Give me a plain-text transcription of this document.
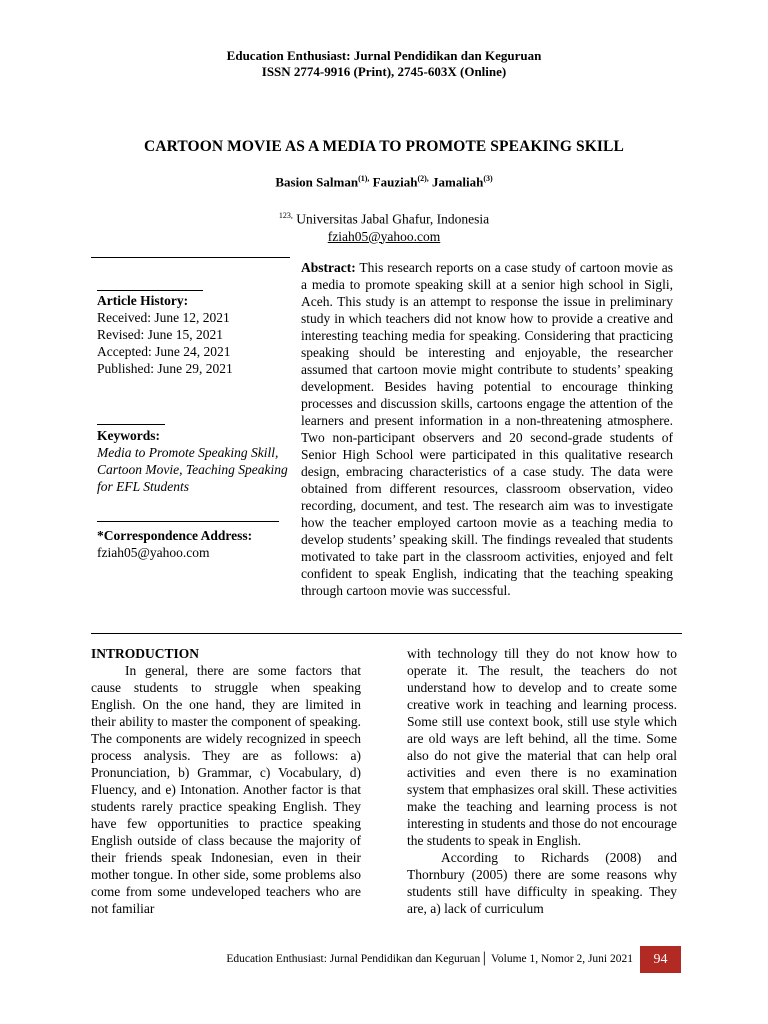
Education Enthusiast: Jurnal Pendidikan dan Keguruan
ISSN 2774-9916 (Print), 2745-603X (Online)
CARTOON MOVIE AS A MEDIA TO PROMOTE SPEAKING SKILL
Basion Salman$^{(1),}$ Fauziah$^{(2),}$ Jamaliah$^{(3)}$
$^{123,}$ Universitas Jabal Ghafur, Indonesia
fziah05@yahoo.com
Article History:
Received: June 12, 2021
Revised: June 15, 2021
Accepted: June 24, 2021
Published: June 29, 2021
Keywords:
Media to Promote Speaking Skill, Cartoon Movie, Teaching Speaking for EFL Students
*Correspondence Address:
fziah05@yahoo.com
Abstract: This research reports on a case study of cartoon movie as a media to promote speaking skill at a senior high school in Sigli, Aceh. This study is an attempt to response the issue in preliminary study in which teachers did not know how to provide a creative and interesting teaching media for speaking. Considering that practicing speaking should be interesting and enjoyable, the researcher assumed that cartoon movie might contribute to students’ speaking development. Besides having potential to encourage thinking processes and discussion skills, cartoons engage the attention of the learners and present information in a non-threatening atmosphere. Two non-participant observers and 20 second-grade students of Senior High School were participated in this qualitative research design, embracing characteristics of a case study. The data were obtained from different resources, classroom observation, video recording, document, and test. The research aim was to investigate how the teacher employed cartoon movie as a teaching media to develop students’ speaking skill. The findings revealed that students motivated to take part in the classroom activities, enjoyed and felt confident to speak English, indicating that the teaching speaking through cartoon movie was successful.
INTRODUCTION

In general, there are some factors that cause students to struggle when speaking English. On the one hand, they are limited in their ability to master the component of speaking. The components are widely recognized in speech process analysis. They are as follows: a) Pronunciation, b) Grammar, c) Vocabulary, d) Fluency, and e) Intonation. Another factor is that students rarely practice speaking English. They have few opportunities to practice speaking English outside of class because the majority of their friends speak Indonesian, even in their mother tongue. In other side, some problems also come from some undeveloped teachers who are not familiar

with technology till they do not know how to operate it. The result, the teachers do not understand how to develop and to create some creative work in teaching and learning process. Some still use context book, still use style which are old ways are left behind, all the time. Some also do not give the material that can help oral activities and even there is no examination system that emphasizes oral skill. These activities make the teaching and learning process is not interesting in students and those do not encourage the students to speak in English.

According to Richards (2008) and Thornbury (2005) there are some reasons why students still have difficulty in speaking. They are, a) lack of curriculum

Education Enthusiast: Jurnal Pendidikan dan Keguruan│ Volume 1, Nomor 2, Juni 2021	94
